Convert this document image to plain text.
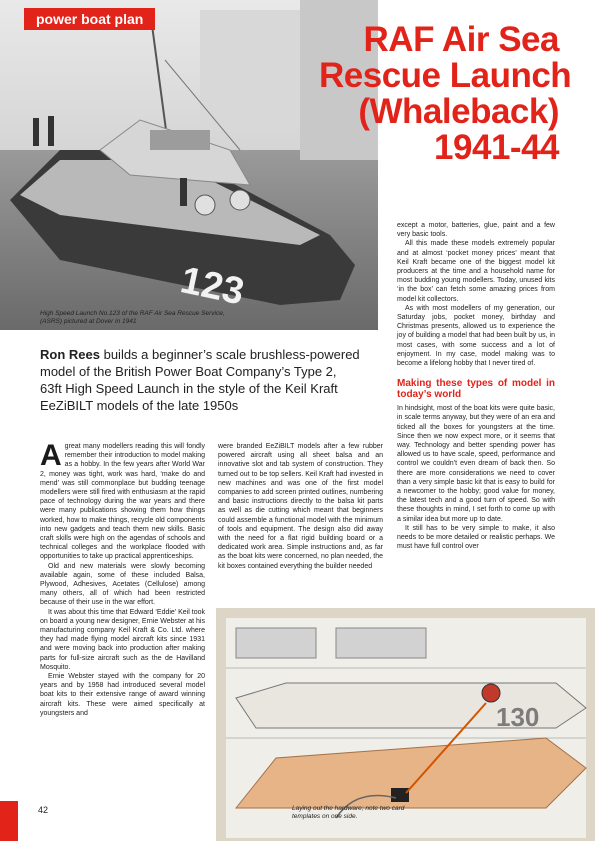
123
power boat plan
High Speed Launch No.123 of the RAF Air Sea Rescue Service, (ASRS) pictured at Dover in 1941
RAF Air Sea
Rescue Launch
(Whaleback)
1941-44
Ron Rees builds a beginner’s scale brushless-powered model of the British Power Boat Company’s Type 2, 63ft High Speed Launch in the style of the Keil Kraft EeZiBILT models of the late 1950s

Agreat many modellers reading this will fondly remember their introduction to model making as a hobby. In the few years after World War 2, money was tight, work was hard, ‘make do and mend’ was still commonplace but budding teenage modellers were still fired with enthusiasm at the rapid pace of technology during the war years and there were many publications showing them how things worked, how to make things, recycle old components into new gadgets and teach them new skills. Basic craft skills were high on the agendas of schools and technical colleges and the workplace flooded with opportunities to take up practical apprenticeships.

Old and new materials were slowly becoming available again, some of these included Balsa, Plywood, Adhesives, Acetates (Cellulose) among many others, all of which had been restricted because of their use in the war effort.

It was about this time that Edward ‘Eddie’ Keil took on board a young new designer, Ernie Webster at his manufacturing company Keil Kraft & Co. Ltd. where they had made flying model aircraft kits since 1931 and were moving back into production after making parts for full-size aircraft such as the de Havilland Mosquito.

Ernie Webster stayed with the company for 20 years and by 1958 had introduced several model boat kits to their extensive range of award winning aircraft kits. These were aimed specifically at youngsters and

were branded EeZiBILT models after a few rubber powered aircraft using all sheet balsa and an innovative slot and tab system of construction. They turned out to be top sellers. Keil Kraft had invested in new machines and was one of the first model companies to add screen printed outlines, numbering and basic instructions directly to the balsa kit parts as well as die cutting which meant that beginners could assemble a functional model with the minimum of tools and equipment. The design also did away with the need for a flat rigid building board or a dedicated work area. Simple instructions and, as far as the boat kits were concerned, no plan needed, the kit boxes contained everything the builder needed

except a motor, batteries, glue, paint and a few very basic tools.

All this made these models extremely popular and at almost ‘pocket money prices’ meant that Keil Kraft became one of the biggest model kit producers at the time and a household name for most budding young modellers. Today, unused kits ‘in the box’ can fetch some amazing prices from model kit collectors.

As with most modellers of my generation, our Saturday jobs, pocket money, birthday and Christmas presents, allowed us to experience the joy of building a model that had been built by us, in most cases, with some success and a lot of enjoyment. In my case, model making was to become a lifelong hobby that I never tired of.

Making these types of model in today’s world

In hindsight, most of the boat kits were quite basic, in scale terms anyway, but they were of an era and ticked all the boxes for youngsters at the time. Since then we now expect more, or it seems that way. Technology and better spending power has allowed us to have scale, speed, performance and control we couldn’t even dream of back then. So there are more considerations we need to cover than a very simple basic kit that is easy to build for a newcomer to the hobby; good value for money, the latest tech and a good turn of speed. So with these thoughts in mind, I set forth to come up with a similar idea but more up to date.

It still has to be very simple to make, it also needs to be more detailed or realistic perhaps. We must have full control over

130
Laying out the hardware; note two card templates on one side.
42
